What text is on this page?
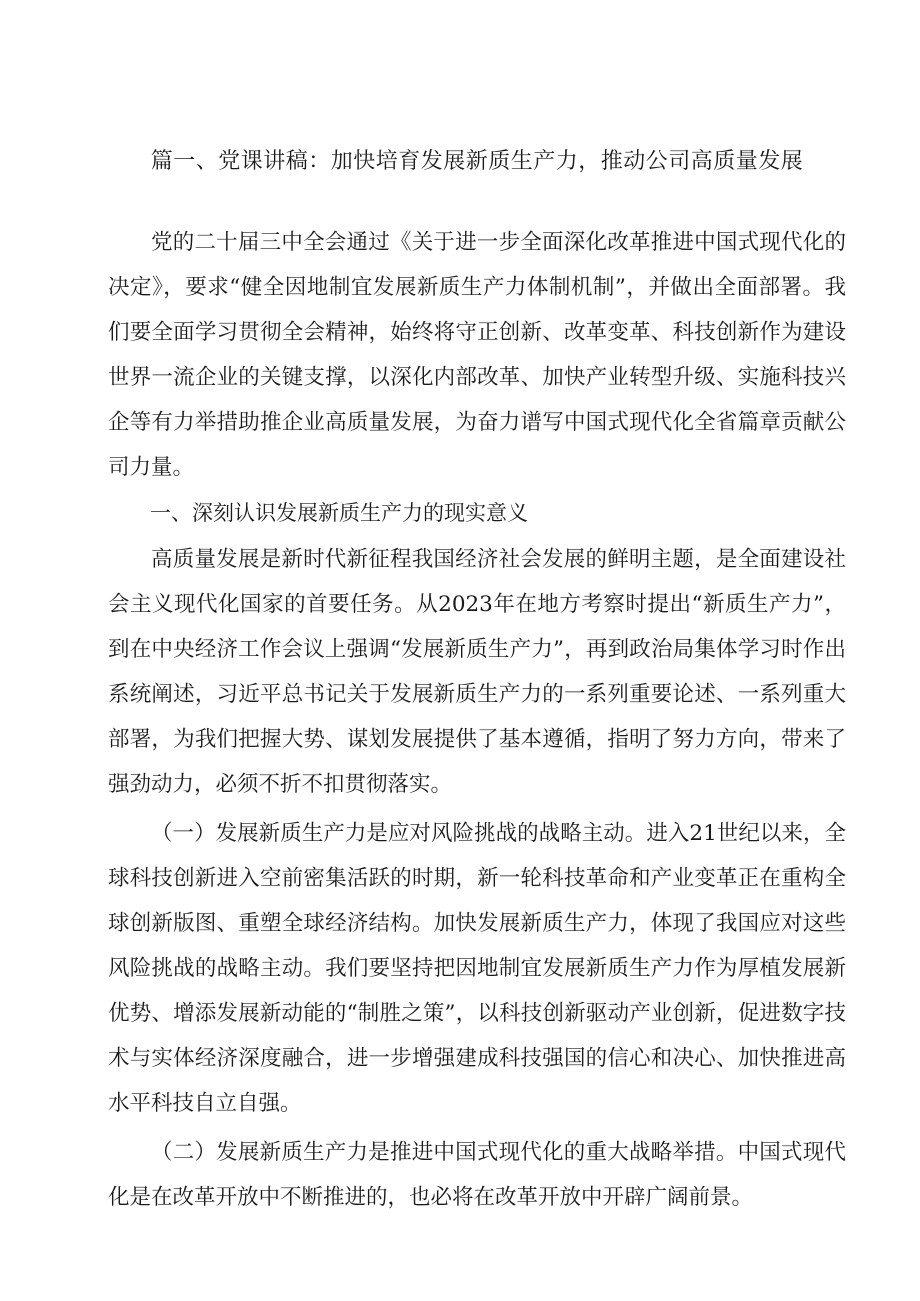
篇一、党课讲稿：加快培育发展新质生产力，推动公司高质量发展

党的二十届三中全会通过《关于进一步全面深化改革推进中国式现代化的决定》，要求“健全因地制宜发展新质生产力体制机制”，并做出全面部署。我们要全面学习贯彻全会精神，始终将守正创新、改革变革、科技创新作为建设世界一流企业的关键支撑，以深化内部改革、加快产业转型升级、实施科技兴企等有力举措助推企业高质量发展，为奋力谱写中国式现代化全省篇章贡献公司力量。

一、深刻认识发展新质生产力的现实意义

高质量发展是新时代新征程我国经济社会发展的鲜明主题，是全面建设社会主义现代化国家的首要任务。从2023年在地方考察时提出“新质生产力”，到在中央经济工作会议上强调“发展新质生产力”，再到政治局集体学习时作出系统阐述，习近平总书记关于发展新质生产力的一系列重要论述、一系列重大部署，为我们把握大势、谋划发展提供了基本遵循，指明了努力方向，带来了强劲动力，必须不折不扣贯彻落实。

（一）发展新质生产力是应对风险挑战的战略主动。进入21世纪以来，全球科技创新进入空前密集活跃的时期，新一轮科技革命和产业变革正在重构全球创新版图、重塑全球经济结构。加快发展新质生产力，体现了我国应对这些风险挑战的战略主动。我们要坚持把因地制宜发展新质生产力作为厚植发展新优势、增添发展新动能的“制胜之策”，以科技创新驱动产业创新，促进数字技术与实体经济深度融合，进一步增强建成科技强国的信心和决心、加快推进高水平科技自立自强。

（二）发展新质生产力是推进中国式现代化的重大战略举措。中国式现代化是在改革开放中不断推进的，也必将在改革开放中开辟广阔前景。
